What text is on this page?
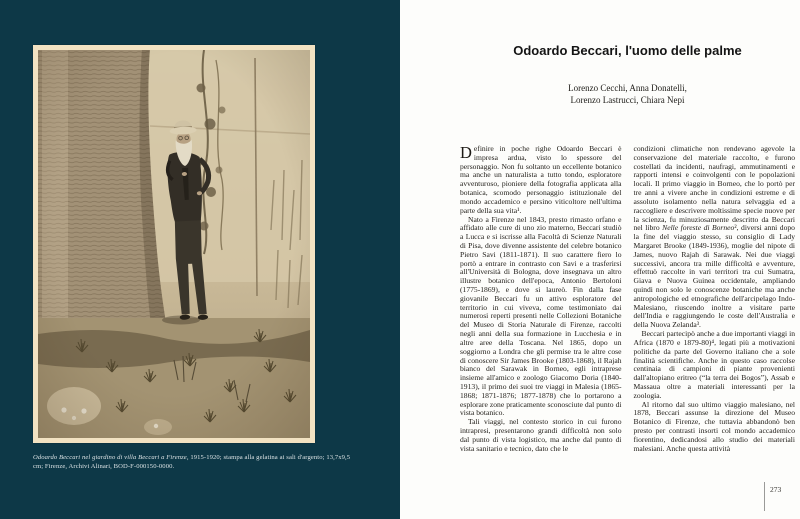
Odoardo Beccari nel giardino di villa Beccari a Firenze, 1915-1920; stampa alla gelatina ai sali d'argento; 13,7x9,5 cm; Firenze, Archivi Alinari, BOD-F-000150-0000.

Odoardo Beccari, l'uomo delle palme
Lorenzo Cecchi, Anna Donatelli,
Lorenzo Lastrucci, Chiara Nepi

Definire in poche righe Odoardo Beccari è impresa ardua, visto lo spessore del personaggio. Non fu soltanto un eccellente botanico ma anche un naturalista a tutto tondo, esploratore avventuroso, pioniere della fotografia applicata alla botanica, scomodo personaggio istituzionale del mondo accademico e persino viticoltore nell'ultima parte della sua vita¹.

Nato a Firenze nel 1843, presto rimasto orfano e affidato alle cure di uno zio materno, Beccari studiò a Lucca e si iscrisse alla Facoltà di Scienze Naturali di Pisa, dove divenne assistente del celebre botanico Pietro Savi (1811-1871). Il suo carattere fiero lo portò a entrare in contrasto con Savi e a trasferirsi all'Università di Bologna, dove insegnava un altro illustre botanico dell'epoca, Antonio Bertoloni (1775-1869), e dove si laureò. Fin dalla fase giovanile Beccari fu un attivo esploratore del territorio in cui viveva, come testimoniato dai numerosi reperti presenti nelle Collezioni Botaniche del Museo di Storia Naturale di Firenze, raccolti negli anni della sua formazione in Lucchesia e in altre aree della Toscana. Nel 1865, dopo un soggiorno a Londra che gli permise tra le altre cose di conoscere Sir James Brooke (1803-1868), il Rajah bianco del Sarawak in Borneo, egli intraprese insieme all'amico e zoologo Giacomo Doria (1840-1913), il primo dei suoi tre viaggi in Malesia (1865-1868; 1871-1876; 1877-1878) che lo portarono a esplorare zone praticamente sconosciute dal punto di vista botanico.

Tali viaggi, nel contesto storico in cui furono intrapresi, presentarono grandi difficoltà non solo dal punto di vista logistico, ma anche dal punto di vista sanitario e tecnico, dato che le

condizioni climatiche non rendevano agevole la conservazione del materiale raccolto, e furono costellati da incidenti, naufragi, ammutinamenti e rapporti intensi e coinvolgenti con le popolazioni locali. Il primo viaggio in Borneo, che lo portò per tre anni a vivere anche in condizioni estreme e di assoluto isolamento nella natura selvaggia ed a raccogliere e descrivere moltissime specie nuove per la scienza, fu minuziosamente descritto da Beccari nel libro Nelle foreste di Borneo², diversi anni dopo la fine del viaggio stesso, su consiglio di Lady Margaret Brooke (1849-1936), moglie del nipote di James, nuovo Rajah di Sarawak. Nei due viaggi successivi, ancora tra mille difficoltà e avventure, effettuò raccolte in vari territori tra cui Sumatra, Giava e Nuova Guinea occidentale, ampliando quindi non solo le conoscenze botaniche ma anche antropologiche ed etnografiche dell'arcipelago Indo-Malesiano, riuscendo inoltre a visitare parte dell'India e raggiungendo le coste dell'Australia e della Nuova Zelanda³.

Beccari partecipò anche a due importanti viaggi in Africa (1870 e 1879-80)⁴, legati più a motivazioni politiche da parte del Governo italiano che a sole finalità scientifiche. Anche in questo caso raccolse centinaia di campioni di piante provenienti dall'altopiano eritreo (“la terra dei Bogos”), Assab e Massaua oltre a materiali interessanti per la zoologia.

Al ritorno dal suo ultimo viaggio malesiano, nel 1878, Beccari assunse la direzione del Museo Botanico di Firenze, che tuttavia abbandonò ben presto per contrasti insorti col mondo accademico fiorentino, dedicandosi allo studio dei materiali malesiani. Anche questa attività

273
